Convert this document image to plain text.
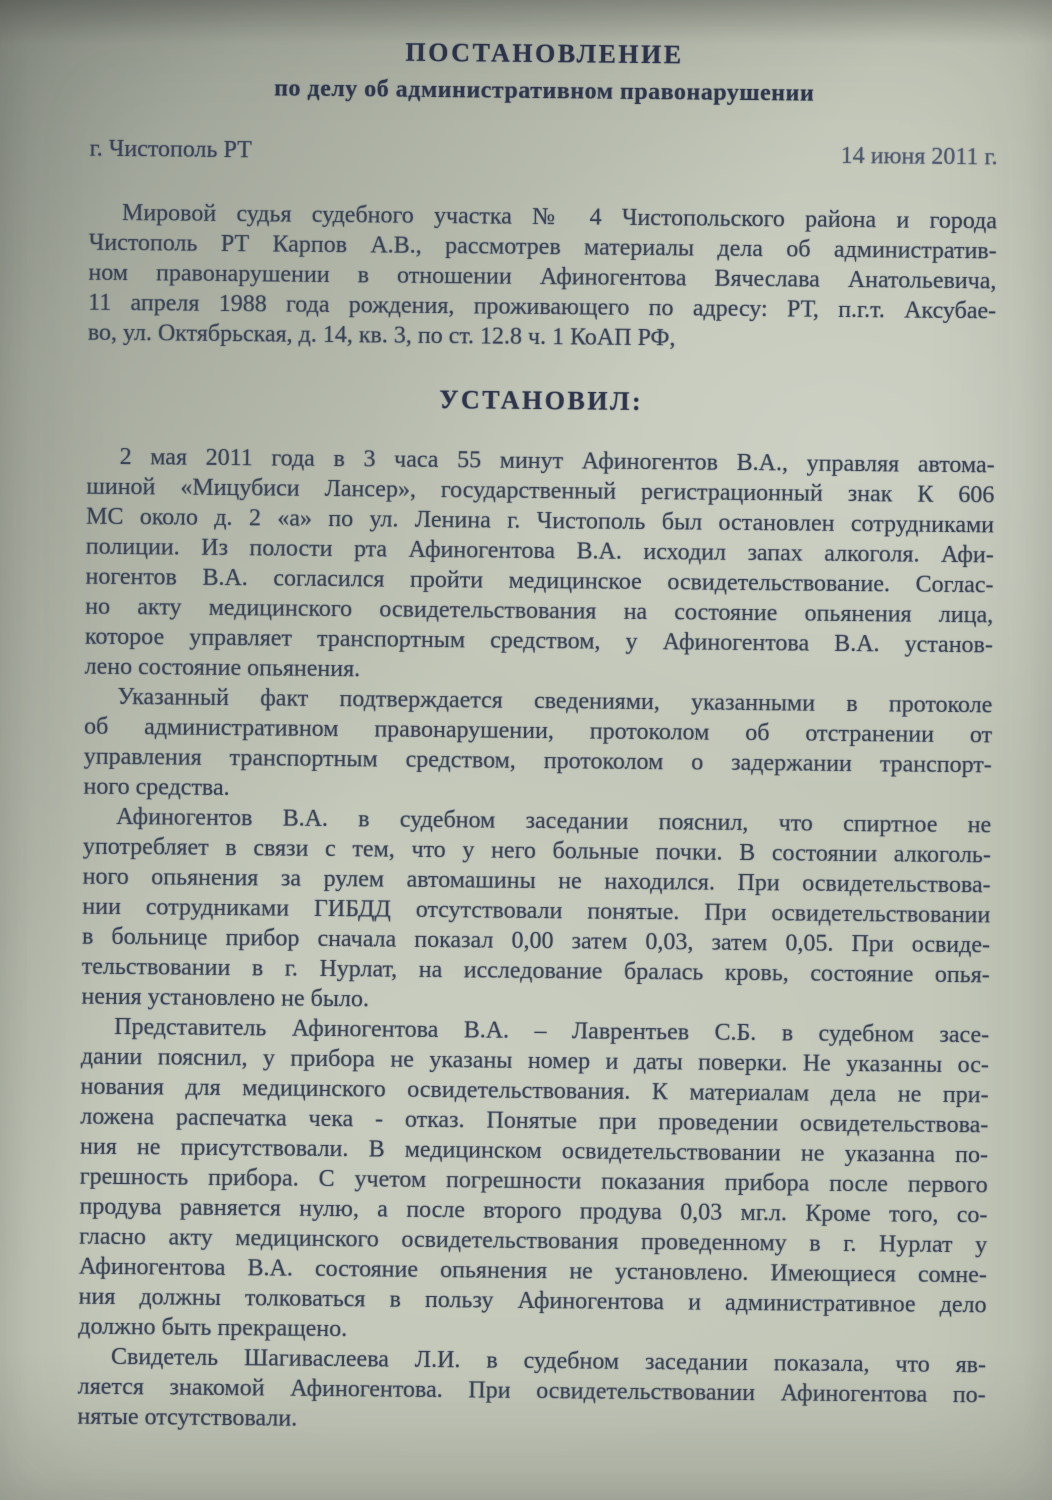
ПОСТАНОВЛЕНИЕ
по делу об административном правонарушении
г. Чистополь РТ	14 июня 2011 г.
Мировой судья судебного участка № 4 Чистопольского района и города
Чистополь РТ Карпов А.В., рассмотрев материалы дела об административ-
ном правонарушении в отношении Афиногентова Вячеслава Анатольевича,
11 апреля 1988 года рождения, проживающего по адресу: РТ, п.г.т. Аксубае-
во, ул. Октябрьская, д. 14, кв. 3, по ст. 12.8 ч. 1 КоАП РФ,
УСТАНОВИЛ:
2 мая 2011 года в 3 часа 55 минут Афиногентов В.А., управляя автома-
шиной «Мицубиси Лансер», государственный регистрационный знак К 606
МС около д. 2 «а» по ул. Ленина г. Чистополь был остановлен сотрудниками
полиции. Из полости рта Афиногентова В.А. исходил запах алкоголя. Афи-
ногентов В.А. согласился пройти медицинское освидетельствование. Соглас-
но акту медицинского освидетельствования на состояние опьянения лица,
которое управляет транспортным средством, у Афиногентова В.А. установ-
лено состояние опьянения.
Указанный факт подтверждается сведениями, указанными в протоколе
об административном правонарушении, протоколом об отстранении от
управления транспортным средством, протоколом о задержании транспорт-
ного средства.
Афиногентов В.А. в судебном заседании пояснил, что спиртное не
употребляет в связи с тем, что у него больные почки. В состоянии алкоголь-
ного опьянения за рулем автомашины не находился. При освидетельствова-
нии сотрудниками ГИБДД отсутствовали понятые. При освидетельствовании
в больнице прибор сначала показал 0,00 затем 0,03, затем 0,05. При освиде-
тельствовании в г. Нурлат, на исследование бралась кровь, состояние опья-
нения установлено не было.
Представитель Афиногентова В.А. – Лаврентьев С.Б. в судебном засе-
дании пояснил, у прибора не указаны номер и даты поверки. Не указанны ос-
нования для медицинского освидетельствования. К материалам дела не при-
ложена распечатка чека - отказ. Понятые при проведении освидетельствова-
ния не присутствовали. В медицинском освидетельствовании не указанна по-
грешность прибора. С учетом погрешности показания прибора после первого
продува равняется нулю, а после второго продува 0,03 мг.л. Кроме того, со-
гласно акту медицинского освидетельствования проведенному в г. Нурлат у
Афиногентова В.А. состояние опьянения не установлено. Имеющиеся сомне-
ния должны толковаться в пользу Афиногентова и административное дело
должно быть прекращено.
Свидетель Шагиваслеева Л.И. в судебном заседании показала, что яв-
ляется знакомой Афиногентова. При освидетельствовании Афиногентова по-
нятые отсутствовали.
